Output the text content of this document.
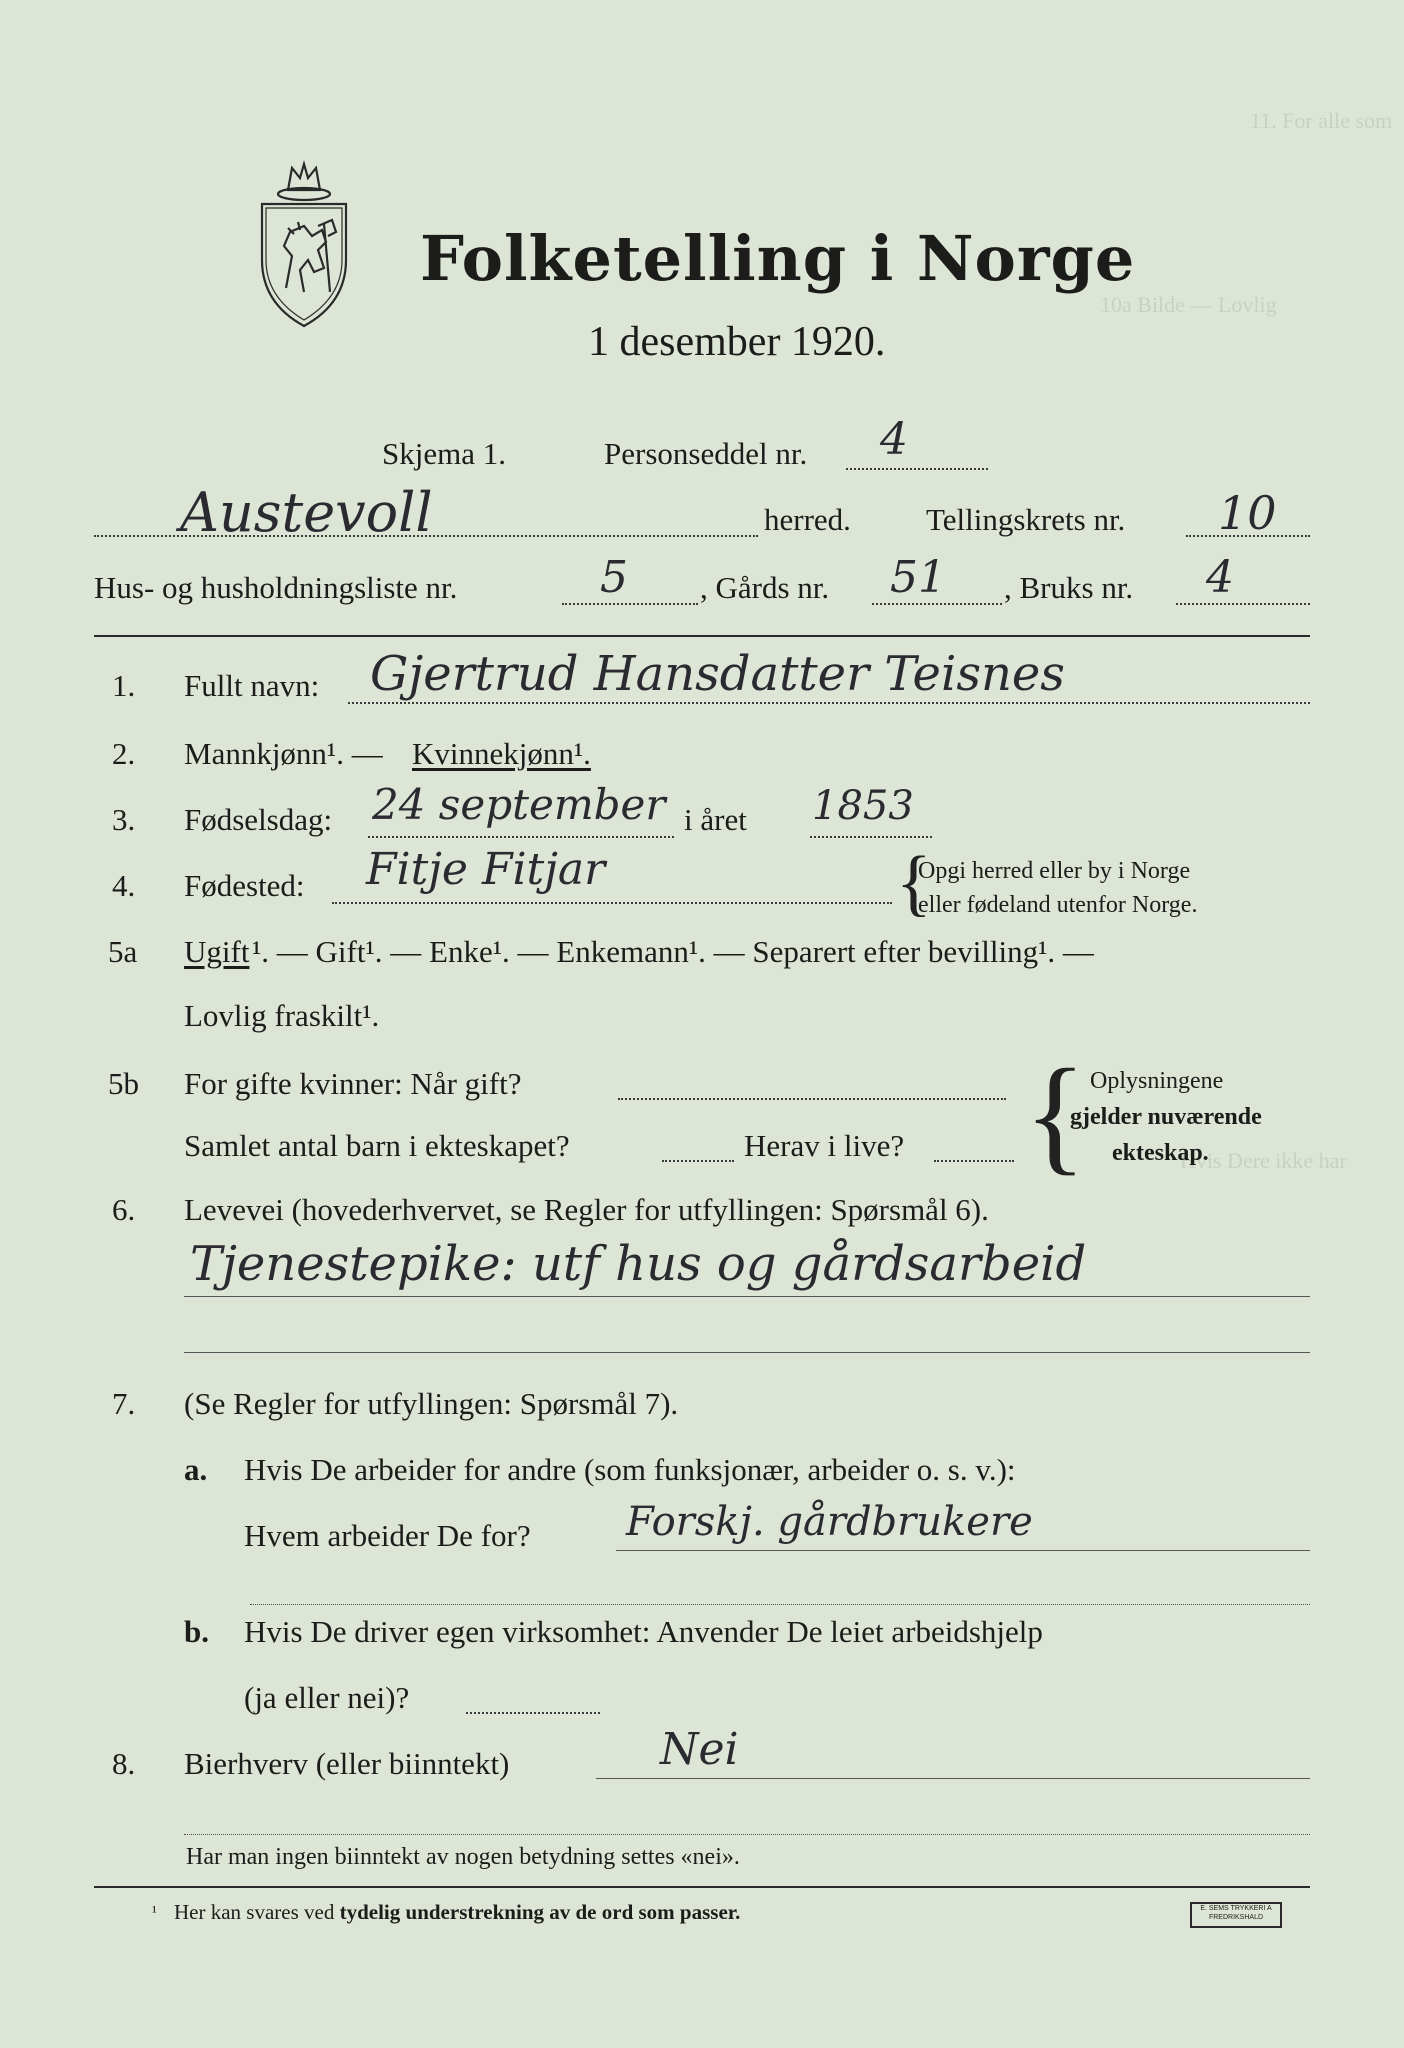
11. For alle som
10a Bilde — Lovlig
Hvis Dere ikke har
Folketelling i Norge
1 desember 1920.
Skjema 1.	Personseddel nr. 4
Austevoll	herred. Tellingskrets nr. 10
Hus- og husholdningsliste nr.	5 , Gårds nr. 51 , Bruks nr. 4
1. Fullt navn: Gjertrud Hansdatter Teisnes
2. Mannkjønn¹. — Kvinnekjønn¹.
3. Fødselsdag: 24 september i året 1853
4. Fødested: Fitje Fitjar	{
Opgi herred eller by i Norge
eller fødeland utenfor Norge.
5a Ugift ¹. — Gift¹. — Enke¹. — Enkemann¹. — Separert efter bevilling¹. —
Lovlig fraskilt¹.
5b For gifte kvinner: Når gift?
Samlet antal barn i ekteskapet?	Herav i live? { Oplysningene
gjelder nuværende
ekteskap.
6. Levevei (hovederhvervet, se Regler for utfyllingen: Spørsmål 6).
Tjenestepike: utf hus og gårdsarbeid
7. (Se Regler for utfyllingen: Spørsmål 7).
a. Hvis De arbeider for andre (som funksjonær, arbeider o. s. v.):
Hvem arbeider De for? Forskj. gårdbrukere
b. Hvis De driver egen virksomhet: Anvender De leiet arbeidshjelp
(ja eller nei)?
8. Bierhverv (eller biinntekt)	Nei
Har man ingen biinntekt av nogen betydning settes «nei».
¹ Her kan svares ved tydelig understrekning av de ord som passer.	E. SEMS TRYKKERI A FREDRIKSHALD
